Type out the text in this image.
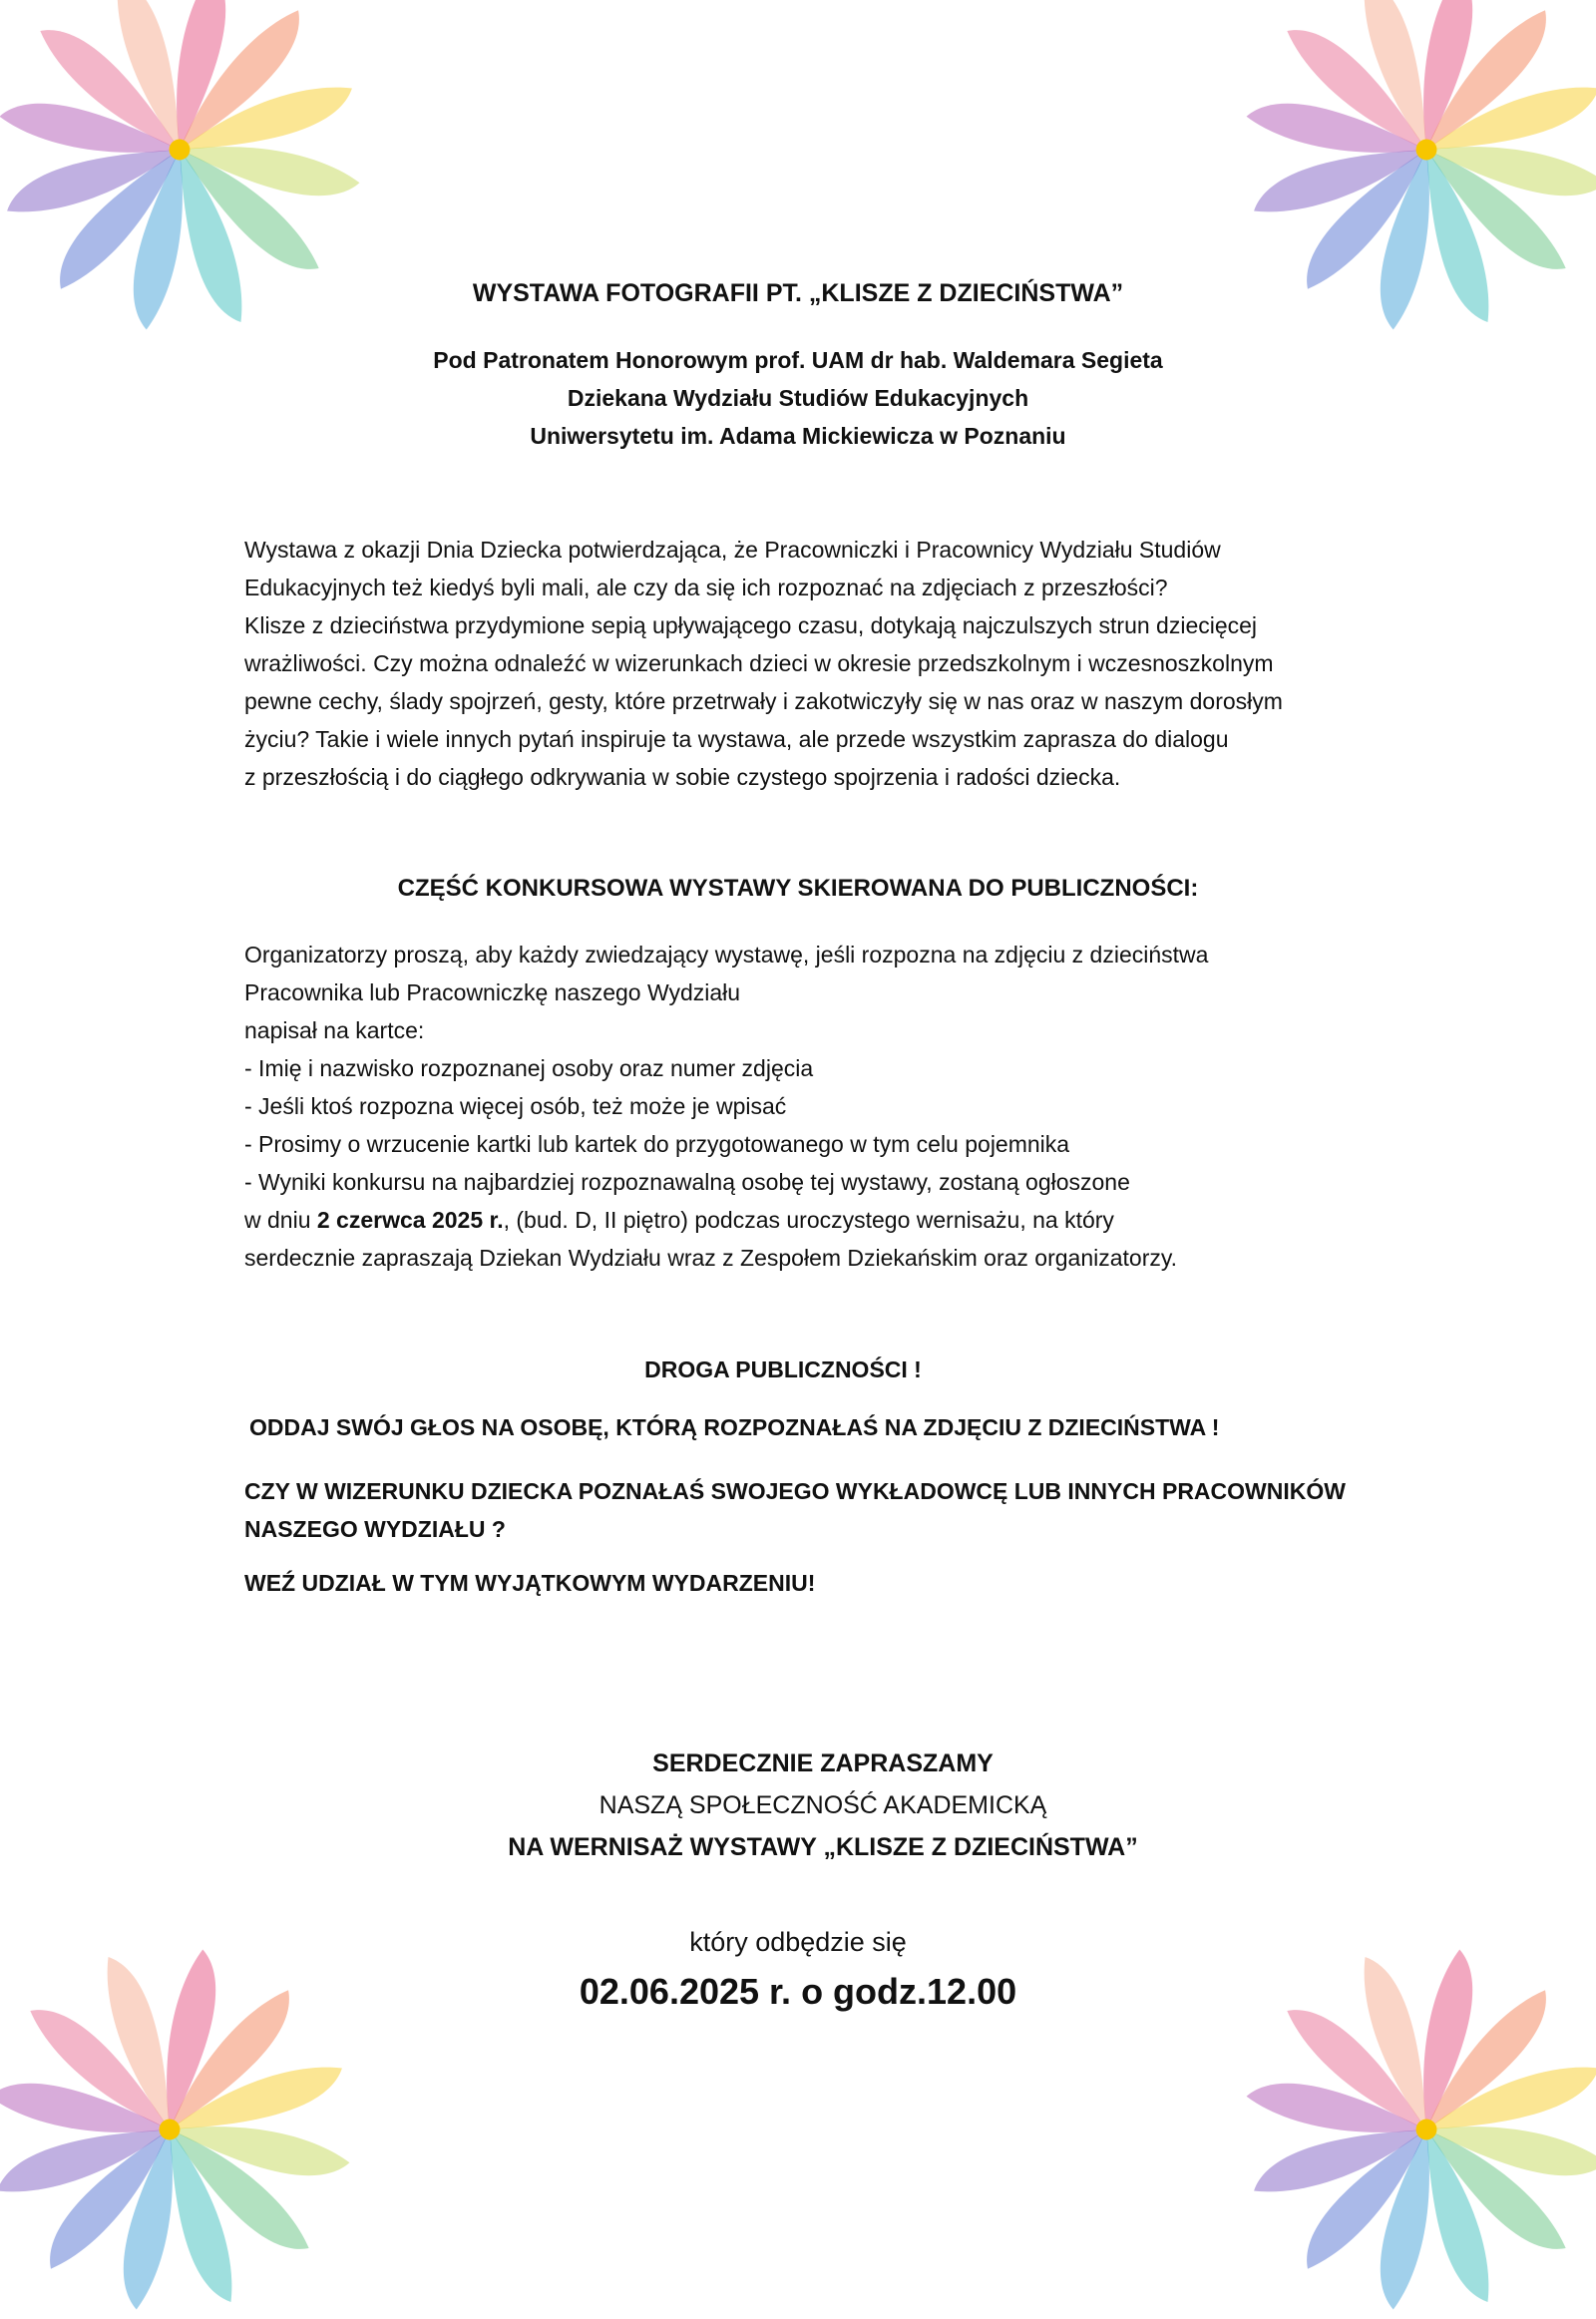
WYSTAWA FOTOGRAFII PT. „KLISZE Z DZIECIŃSTWA”
Pod Patronatem Honorowym prof. UAM dr hab. Waldemara Segieta
Dziekana Wydziału Studiów Edukacyjnych
Uniwersytetu im. Adama Mickiewicza w Poznaniu

Wystawa z okazji Dnia Dziecka potwierdzająca, że Pracowniczki i Pracownicy Wydziału Studiów

Edukacyjnych też kiedyś byli mali, ale czy da się ich rozpoznać na zdjęciach z przeszłości?

Klisze z dzieciństwa przydymione sepią upływającego czasu, dotykają najczulszych strun dziecięcej

wrażliwości. Czy można odnaleźć w wizerunkach dzieci w okresie przedszkolnym i wczesnoszkolnym

pewne cechy, ślady spojrzeń, gesty, które przetrwały i zakotwiczyły się w nas oraz w naszym dorosłym

życiu? Takie i wiele innych pytań inspiruje ta wystawa, ale przede wszystkim zaprasza do dialogu

z przeszłością i do ciągłego odkrywania w sobie czystego spojrzenia i radości dziecka.

CZĘŚĆ KONKURSOWA WYSTAWY SKIEROWANA DO PUBLICZNOŚCI:

Organizatorzy proszą, aby każdy zwiedzający wystawę, jeśli rozpozna na zdjęciu z dzieciństwa

Pracownika lub Pracowniczkę naszego Wydziału

napisał na kartce:

- Imię i nazwisko rozpoznanej osoby oraz numer zdjęcia

- Jeśli ktoś rozpozna więcej osób, też może je wpisać

- Prosimy o wrzucenie kartki lub kartek do przygotowanego w tym celu pojemnika

- Wyniki konkursu na najbardziej rozpoznawalną osobę tej wystawy, zostaną ogłoszone

w dniu 2 czerwca 2025 r., (bud. D, II piętro) podczas uroczystego wernisażu, na który

serdecznie zapraszają Dziekan Wydziału wraz z Zespołem Dziekańskim oraz organizatorzy.

DROGA PUBLICZNOŚCI !
ODDAJ SWÓJ GŁOS NA OSOBĘ, KTÓRĄ ROZPOZNAŁAŚ NA ZDJĘCIU Z DZIECIŃSTWA !
CZY W WIZERUNKU DZIECKA POZNAŁAŚ SWOJEGO WYKŁADOWCĘ LUB INNYCH PRACOWNIKÓW NASZEGO WYDZIAŁU ?
WEŹ UDZIAŁ W TYM WYJĄTKOWYM WYDARZENIU!
SERDECZNIE ZAPRASZAMY
NASZĄ SPOŁECZNOŚĆ AKADEMICKĄ
NA WERNISAŻ WYSTAWY „KLISZE Z DZIECIŃSTWA”
który odbędzie się
02.06.2025 r. o godz.12.00
